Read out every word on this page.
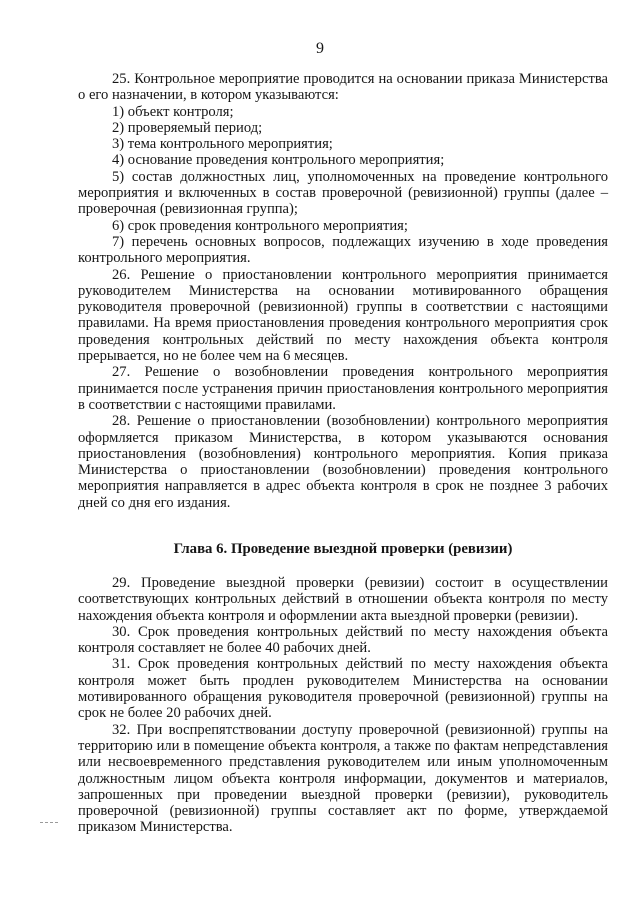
9

25. Контрольное мероприятие проводится на основании приказа Министерства о его назначении, в котором указываются:

1) объект контроля;

2) проверяемый период;

3) тема контрольного мероприятия;

4) основание проведения контрольного мероприятия;

5) состав должностных лиц, уполномоченных на проведение контрольного мероприятия и включенных в состав проверочной (ревизионной) группы (далее – проверочная (ревизионная группа);

6) срок проведения контрольного мероприятия;

7) перечень основных вопросов, подлежащих изучению в ходе проведения контрольного мероприятия.

26. Решение о приостановлении контрольного мероприятия принимается руководителем Министерства на основании мотивированного обращения руководителя проверочной (ревизионной) группы в соответствии с настоящими правилами. На время приостановления проведения контрольного мероприятия срок проведения контрольных действий по месту нахождения объекта контроля прерывается, но не более чем на 6 месяцев.

27. Решение о возобновлении проведения контрольного мероприятия принимается после устранения причин приостановления контрольного мероприятия в соответствии с настоящими правилами.

28. Решение о приостановлении (возобновлении) контрольного мероприятия оформляется приказом Министерства, в котором указываются основания приостановления (возобновления) контрольного мероприятия. Копия приказа Министерства о приостановлении (возобновлении) проведения контрольного мероприятия направляется в адрес объекта контроля в срок не позднее 3 рабочих дней со дня его издания.

Глава 6. Проведение выездной проверки (ревизии)

29. Проведение выездной проверки (ревизии) состоит в осуществлении соответствующих контрольных действий в отношении объекта контроля по месту нахождения объекта контроля и оформлении акта выездной проверки (ревизии).

30. Срок проведения контрольных действий по месту нахождения объекта контроля составляет не более 40 рабочих дней.

31. Срок проведения контрольных действий по месту нахождения объекта контроля может быть продлен руководителем Министерства на основании мотивированного обращения руководителя проверочной (ревизионной) группы на срок не более 20 рабочих дней.

32. При воспрепятствовании доступу проверочной (ревизионной) группы на территорию или в помещение объекта контроля, а также по фактам непредставления или несвоевременного представления руководителем или иным уполномоченным должностным лицом объекта контроля информации, документов и материалов, запрошенных при проведении выездной проверки (ревизии), руководитель проверочной (ревизионной) группы составляет акт по форме, утверждаемой приказом Министерства.
